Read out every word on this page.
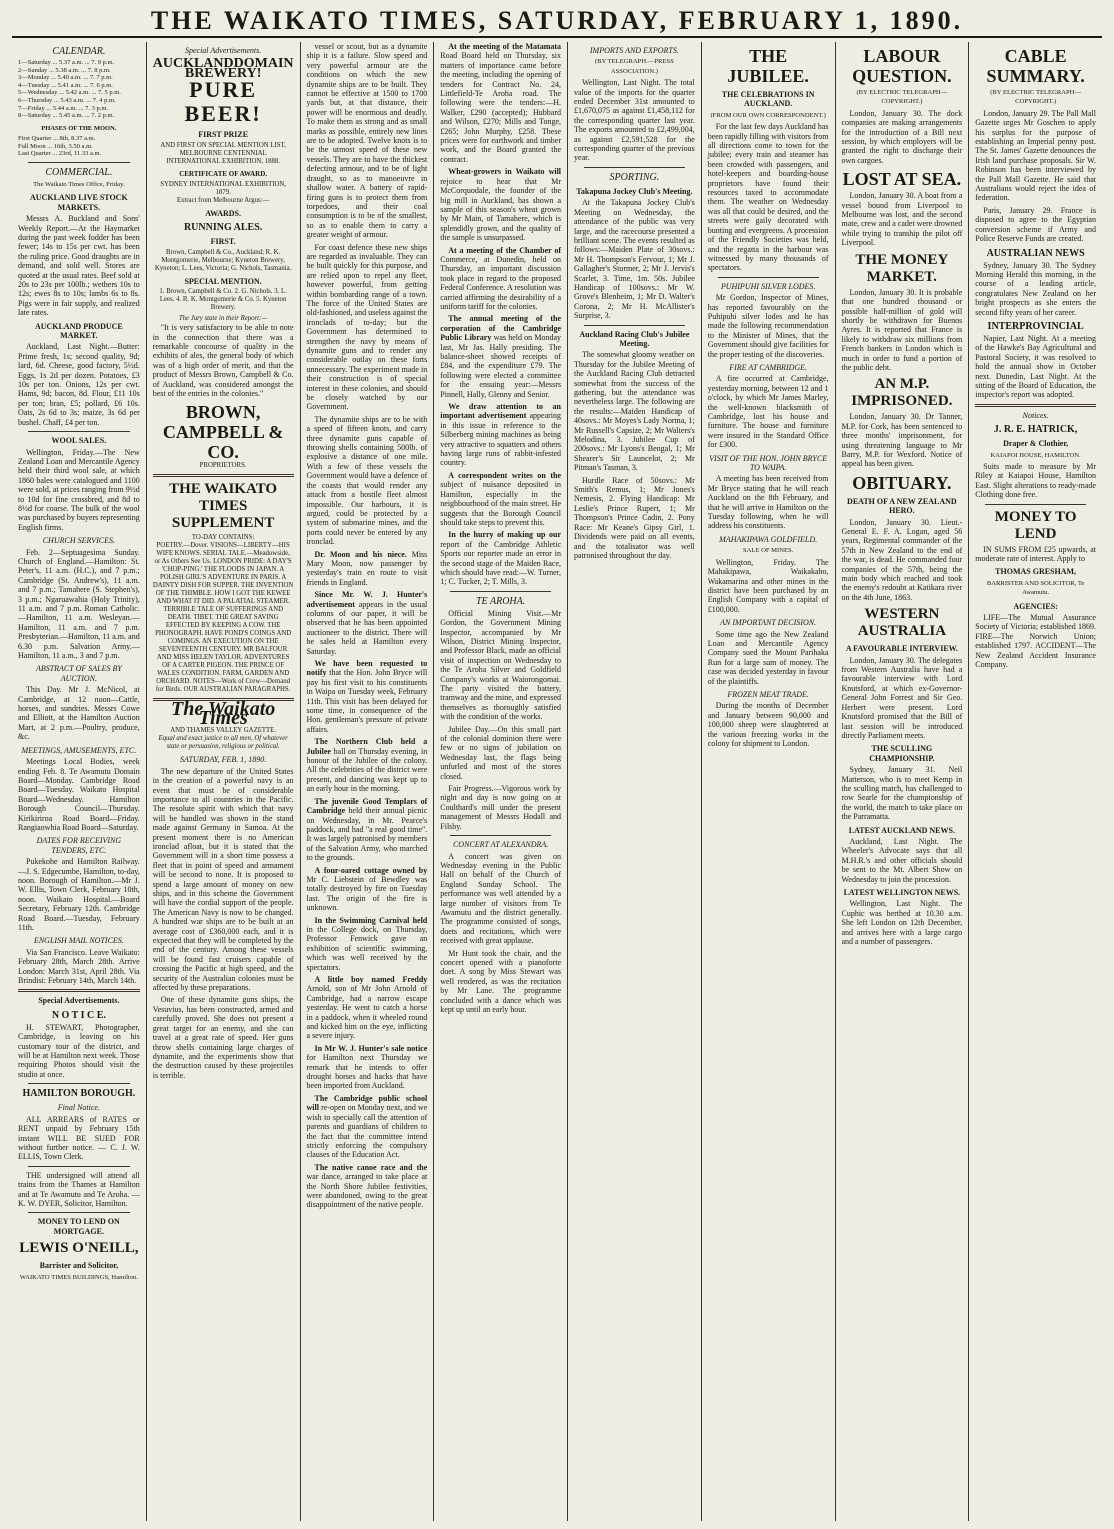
THE WAIKATO TIMES, SATURDAY, FEBRUARY 1, 1890.
CALENDAR.
1—Saturday ... 5.37 a.m. ... 7. 9 p.m.
2—Sunday ... 5.38 a.m. ... 7. 8 p.m.
3—Monday ... 5.40 a.m. ... 7. 7 p.m.
4—Tuesday ... 5.41 a.m. ... 7. 6 p.m.
5—Wednesday ... 5.42 a.m. ... 7. 5 p.m.
6—Thursday ... 5.43 a.m. ... 7. 4 p.m.
7—Friday ... 5.44 a.m. ... 7. 3 p.m.
8—Saturday ... 5.45 a.m. ... 7. 2 p.m.
PHASES OF THE MOON.
First Quarter ... 8th, 8.37 a.m.
Full Moon ... 16th, 3.50 a.m.
Last Quarter ... 23rd, 11.33 a.m.
COMMERCIAL.
The Waikato Times Office, Friday.
AUCKLAND LIVE STOCK MARKETS.

Messrs A. Buckland and Sons' Weekly Report.—At the Haymarket during the past week fodder has been fewer; 14s to 15s per cwt. has been the ruling price. Good draughts are in demand, and sold well. Stores are quoted at the usual rates. Beef sold at 20s to 23s per 100lb.; wethers 10s to 12s; ewes 8s to 10s; lambs 6s to 8s. Pigs were in fair supply, and realized late rates.

AUCKLAND PRODUCE MARKET.

Auckland, Last Night.—Butter: Prime fresh, 1s; second quality, 9d; lard, 6d. Cheese, good factory, 5½d. Eggs, 1s 2d per dozen. Potatoes, £3 10s per ton. Onions, 12s per cwt. Hams, 9d; bacon, 8d. Flour, £11 10s per ton; bran, £5; pollard, £6 10s. Oats, 2s 6d to 3s; maize, 3s 6d per bushel. Chaff, £4 per ton.

WOOL SALES.

Wellington, Friday.—The New Zealand Loan and Mercantile Agency held their third wool sale, at which 1860 bales were catalogued and 1100 were sold, at prices ranging from 9½d to 10d for fine crossbred, and 8d to 8½d for coarse. The bulk of the wool was purchased by buyers representing English firms.

CHURCH SERVICES.

Feb. 2—Septuagesima Sunday. Church of England.—Hamilton: St. Peter's, 11 a.m. (H.C.), and 7 p.m.; Cambridge (St. Andrew's), 11 a.m. and 7 p.m.; Tamahere (S. Stephen's), 3 p.m.; Ngaruawahia (Holy Trinity), 11 a.m. and 7 p.m. Roman Catholic.—Hamilton, 11 a.m. Wesleyan.—Hamilton, 11 a.m. and 7 p.m. Presbyterian.—Hamilton, 11 a.m. and 6.30 p.m. Salvation Army.—Hamilton, 11 a.m., 3 and 7 p.m.

ABSTRACT OF SALES BY AUCTION.

This Day. Mr J. McNicol, at Cambridge, at 12 noon—Cattle, horses, and sundries. Messrs Cowe and Elliott, at the Hamilton Auction Mart, at 2 p.m.—Poultry, produce, &c.

MEETINGS, AMUSEMENTS, ETC.

Meetings Local Bodies, week ending Feb. 8. Te Awamutu Domain Board—Monday. Cambridge Road Board—Tuesday. Waikato Hospital Board—Wednesday. Hamilton Borough Council—Thursday. Kirikiriroa Road Board—Friday. Rangiaowhia Road Board—Saturday.

DATES FOR RECEIVING TENDERS, ETC.

Pukekohe and Hamilton Railway.—J. S. Edgecumbe, Hamilton, to-day, noon. Borough of Hamilton.—Mr J. W. Ellis, Town Clerk, February 10th, noon. Waikato Hospital.—Board Secretary, February 12th. Cambridge Road Board.—Tuesday, February 11th.

ENGLISH MAIL NOTICES.

Via San Francisco. Leave Waikato: February 28th, March 28th. Arrive London: March 31st, April 28th. Via Brindisi: February 14th, March 14th.

Special Advertisements.
N O T I C E.

H. STEWART, Photographer, Cambridge, is leaving on his customary tour of the district, and will be at Hamilton next week. Those requiring Photos should visit the studio at once.

HAMILTON BOROUGH.
Final Notice.

ALL ARREARS of RATES or RENT unpaid by February 15th instant WILL BE SUED FOR without further notice. — C. J. W. ELLIS, Town Clerk.

THE undersigned will attend all trains from the Thames at Hamilton and at Te Awamutu and Te Aroha. — K. W. DYER, Solicitor, Hamilton.

MONEY TO LEND ON MORTGAGE.
LEWIS O'NEILL,
Barrister and Solicitor,
WAIKATO TIMES BUILDINGS, Hamilton.
Special Advertisements.
AUCKLAND DOMAIN
BREWERY!
PURE BEER!
FIRST PRIZE
AND FIRST ON SPECIAL MENTION LIST, MELBOURNE CENTENNIAL INTERNATIONAL EXHIBITION, 1888.
CERTIFICATE OF AWARD.
SYDNEY INTERNATIONAL EXHIBITION, 1879.
Extract from Melbourne Argus:—
AWARDS.
RUNNING ALES.
FIRST.
Brown, Campbell & Co., Auckland; R. K. Montgomerie, Melbourne; Kyneton Brewery, Kyneton; L. Lees, Victoria; G. Nichols, Tasmania.
SPECIAL MENTION.
1. Brown, Campbell & Co. 2. G. Nichols. 3. L. Lees. 4. R. K. Montgomerie & Co. 5. Kyneton Brewery.
The Jury state in their Report:—

"It is very satisfactory to be able to note in the connection that there was a remarkable concourse of quality in the exhibits of ales, the general body of which was of a high order of merit, and that the product of Messrs Brown, Campbell & Co. of Auckland, was considered amongst the best of the entries in the colonies."

BROWN, CAMPBELL & CO.
PROPRIETORS.
THE WAIKATO TIMES SUPPLEMENT
TO-DAY CONTAINS:
POETRY.—Dover. VISIONS—LIBERTY—HIS WIFE KNOWS. SERIAL TALE.—Meadowside, or As Others See Us. LONDON PRIDE: A DAY'S 'CHOP-PING.' THE FLOODS IN JAPAN. A POLISH GIRL'S ADVENTURE IN PARIS. A DAINTY DISH FOR SUPPER. THE INVENTION OF THE THIMBLE. HOW I GOT THE KEWEE AND WHAT IT DID. A PALATIAL STEAMER. TERRIBLE TALE OF SUFFERINGS AND DEATH. TIBET. THE GREAT SAVING EFFECTED BY KEEPING A COW. THE PHONOGRAPH. HAVE POND'S COINGS AND COMINGS. AN EXECUTION ON THE SEVENTEENTH CENTURY. MR BALFOUR AND MISS HELEN TAYLOR. ADVENTURES OF A CARTER PIGEON. THE PRINCE OF WALES CONDITION. FARM, GARDEN AND ORCHARD. NOTES—Work of Crew—Demand for Birds. OUR AUSTRALIAN PARAGRAPHS.
The Waikato Times
AND THAMES VALLEY GAZETTE.
Equal and exact justice to all men, Of whatever state or persuasion, religious or political.
SATURDAY, FEB. 1, 1890.

The new departure of the United States in the creation of a powerful navy is an event that must be of considerable importance to all countries in the Pacific. The resolute spirit with which that navy will be handled was shown in the stand made against Germany in Samoa. At the present moment there is no American ironclad afloat, but it is stated that the Government will in a short time possess a fleet that in point of speed and armament will be second to none. It is proposed to spend a large amount of money on new ships, and in this scheme the Government will have the cordial support of the people. The American Navy is now to be changed. A hundred war ships are to be built at an average cost of £360,000 each, and it is expected that they will be completed by the end of the century. Among these vessels will be found fast cruisers capable of crossing the Pacific at high speed, and the security of the Australian colonies must be affected by these preparations.

One of these dynamite guns ships, the Vesuvius, has been constructed, armed and carefully proved. She does not present a great target for an enemy, and she can travel at a great rate of speed. Her guns throw shells containing large charges of dynamite, and the experiments show that the destruction caused by these projectiles is terrible.

vessel or scout, but as a dynamite ship it is a failure. Slow speed and very powerful armour are the conditions on which the new dynamite ships are to be built. They cannot be effective at 1500 to 1700 yards but, at that distance, their power will be enormous and deadly. To make them as strong and as small marks as possible, entirely new lines are to be adopted. Twelve knots is to be the utmost speed of these new vessels. They are to have the thickest defecting armour, and to be of light draught, so as to manoeuvre in shallow water. A battery of rapid-firing guns is to protect them from torpedoes, and their coal consumption is to be of the smallest, so as to enable them to carry a greater weight of armour.

For coast defence these new ships are regarded as invaluable. They can be built quickly for this purpose, and are relied upon to repel any fleet, however powerful, from getting within bombarding range of a town. The force of the United States are old-fashioned, and useless against the ironclads of to-day; but the Government has determined to strengthen the navy by means of dynamite guns and to render any considerable outlay on these forts unnecessary. The experiment made in their construction is of special interest in these colonies, and should be closely watched by our Government.

The dynamite ships are to be with a speed of fifteen knots, and carry three dynamite guns capable of throwing shells containing 500lb. of explosive a distance of one mile. With a few of these vessels the Government would have a defence of the coasts that would render any attack from a hostile fleet almost impossible. Our harbours, it is argued, could be protected by a system of submarine mines, and the ports could never be entered by any ironclad.

Dr. Moon and his niece. Miss Mary Moon, now passenger by yesterday's train en route to visit friends in England.

Since Mr. W. J. Hunter's advertisement appears in the usual columns of our paper, it will be observed that he has been appointed auctioneer to the district. There will be sales held at Hamilton every Saturday.

We have been requested to notify that the Hon. John Bryce will pay his first visit to his constituents in Waipa on Tuesday week, February 11th. This visit has been delayed for some time, in consequence of the Hon. gentleman's pressure of private affairs.

The Northern Club held a Jubilee ball on Thursday evening, in honour of the Jubilee of the colony. All the celebrities of the district were present, and dancing was kept up to an early hour in the morning.

The juvenile Good Templars of Cambridge held their annual picnic on Wednesday, in Mr. Pearce's paddock, and had "a real good time". It was largely patronised by members of the Salvation Army, who marched to the grounds.

A four-oared cottage owned by Mr C. Liebstein of Bewdley was totally destroyed by fire on Tuesday last. The origin of the fire is unknown.

In the Swimming Carnival held in the College dock, on Thursday, Professor Fenwick gave an exhibition of scientific swimming, which was well received by the spectators.

A little boy named Freddy Arnold, son of Mr John Arnold of Cambridge, had a narrow escape yesterday. He went to catch a horse in a paddock, when it wheeled round and kicked him on the eye, inflicting a severe injury.

In Mr W. J. Hunter's sale notice for Hamilton next Thursday we remark that he intends to offer drought horses and hacks that have been imported from Auckland.

The Cambridge public school will re-open on Monday next, and we wish to specially call the attention of parents and guardians of children to the fact that the committee intend strictly enforcing the compulsory clauses of the Education Act.

The native canoe race and the war dance, arranged to take place at the North Shore Jubilee festivities, were abandoned, owing to the great disappointment of the native people.

At the meeting of the Matamata Road Board held on Thursday, six matters of importance came before the meeting, including the opening of tenders for Contract No. 24, Littlefield-Te Aroha road. The following were the tenders:—H. Walker, £290 (accepted); Hubbard and Wilson, £270; Mills and Tonge, £265; John Murphy, £258. These prices were for earthwork and timber work, and the Board granted the contract.

Wheat-growers in Waikato will rejoice to hear that Mr McCorquodale, the founder of the big mill in Auckland, has shown a sample of this season's wheat grown by Mr Main, of Tamahere, which is splendidly grown, and the quality of the sample is unsurpassed.

At a meeting of the Chamber of Commerce, at Dunedin, held on Thursday, an important discussion took place in regard to the proposed Federal Conference. A resolution was carried affirming the desirability of a uniform tariff for the colonies.

The annual meeting of the corporation of the Cambridge Public Library was held on Monday last, Mr Jas. Hally presiding. The balance-sheet showed receipts of £84, and the expenditure £79. The following were elected a committee for the ensuing year:—Messrs Pinnell, Hally, Glenny and Senior.

We draw attention to an important advertisement appearing in this issue in reference to the Silberberg mining machines as being very attractive to squatters and others having large runs of rabbit-infested country.

A correspondent writes on the subject of nuisance deposited in Hamilton, especially in the neighbourhood of the main street. He suggests that the Borough Council should take steps to prevent this.

In the hurry of making up our report of the Cambridge Athletic Sports our reporter made an error in the second stage of the Maiden Race, which should have read:—W. Turner, 1; C. Tucker, 2; T. Mills, 3.

TE AROHA.

Official Mining Visit.—Mr Gordon, the Government Mining Inspector, accompanied by Mr Wilson, District Mining Inspector, and Professor Black, made an official visit of inspection on Wednesday to the Te Aroha Silver and Goldfield Company's works at Waiorongomai. The party visited the battery, tramway and the mine, and expressed themselves as thoroughly satisfied with the condition of the works.

Jubilee Day.—On this small part of the colonial dominion there were few or no signs of jubilation on Wednesday last, the flags being unfurled and most of the stores closed.

Fair Progress.—Vigorous work by night and day is now going on at Coulthard's mill under the present management of Messrs Hodall and Filsby.

CONCERT AT ALEXANDRA.

A concert was given on Wednesday evening in the Public Hall on behalf of the Church of England Sunday School. The performance was well attended by a large number of visitors from Te Awamutu and the district generally. The programme consisted of songs, duets and recitations, which were received with great applause.

Mr Hunt took the chair, and the concert opened with a pianoforte duet. A song by Miss Stewart was well rendered, as was the recitation by Mr Lane. The programme concluded with a dance which was kept up until an early hour.

IMPORTS AND EXPORTS.
(BY TELEGRAPH.—PRESS ASSOCIATION.)

Wellington, Last Night. The total value of the imports for the quarter ended December 31st amounted to £1,670,075 as against £1,458,112 for the corresponding quarter last year. The exports amounted to £2,499,004, as against £2,591,528 for the corresponding quarter of the previous year.

SPORTING.
Takapuna Jockey Club's Meeting.

At the Takapuna Jockey Club's Meeting on Wednesday, the attendance of the public was very large, and the racecourse presented a brilliant scene. The events resulted as follows:—Maiden Plate of 30sovs.: Mr H. Thompson's Fervour, 1; Mr J. Gallagher's Stormer, 2; Mr J. Jervis's Scarlet, 3. Time, 1m. 50s. Jubilee Handicap of 100sovs.: Mr W. Grove's Blenheim, 1; Mr D. Walter's Corona, 2; Mr H. McAllister's Surprise, 3.

Auckland Racing Club's Jubilee Meeting.

The somewhat gloomy weather on Thursday for the Jubilee Meeting of the Auckland Racing Club detracted somewhat from the success of the gathering, but the attendance was nevertheless large. The following are the results:—Maiden Handicap of 40sovs.: Mr Moyes's Lady Norma, 1; Mr Russell's Capsize, 2; Mr Walters's Melodina, 3. Jubilee Cup of 200sovs.: Mr Lyons's Bengal, 1; Mr Shearer's Sir Launcelot, 2; Mr Pitman's Tasman, 3.

Hurdle Race of 50sovs.: Mr Smith's Remus, 1; Mr Jones's Nemesis, 2. Flying Handicap: Mr Leslie's Prince Rupert, 1; Mr Thompson's Prince Cadin, 2. Pony Race: Mr Keane's Gipsy Girl, 1. Dividends were paid on all events, and the totalisator was well patronised throughout the day.

THE JUBILEE.
THE CELEBRATIONS IN AUCKLAND.
(FROM OUR OWN CORRESPONDENT.)

For the last few days Auckland has been rapidly filling with visitors from all directions come to town for the jubilee; every train and steamer has been crowded with passengers, and hotel-keepers and boarding-house proprietors have found their resources taxed to accommodate them. The weather on Wednesday was all that could be desired, and the streets were gaily decorated with bunting and evergreens. A procession of the Friendly Societies was held, and the regatta in the harbour was witnessed by many thousands of spectators.

PUHIPUHI SILVER LODES.

Mr Gordon, Inspector of Mines, has reported favourably on the Puhipuhi silver lodes and he has made the following recommendation to the Minister of Mines, that the Government should give facilities for the proper testing of the discoveries.

FIRE AT CAMBRIDGE.

A fire occurred at Cambridge, yesterday morning, between 12 and 1 o'clock, by which Mr James Marley, the well-known blacksmith of Cambridge, lost his house and furniture. The house and furniture were insured in the Standard Office for £300.

VISIT OF THE HON. JOHN BRYCE TO WAIPA.

A meeting has been received from Mr Bryce stating that he will reach Auckland on the 8th February, and that he will arrive in Hamilton on the Tuesday following, when he will address his constituents.

MAHAKIPAWA GOLDFIELD.
SALE OF MINES.

Wellington, Friday. The Mahakipawa, Waikakaho, Wakamarina and other mines in the district have been purchased by an English Company with a capital of £100,000.

AN IMPORTANT DECISION.

Some time ago the New Zealand Loan and Mercantile Agency Company sued the Mount Parihaka Run for a large sum of money. The case was decided yesterday in favour of the plaintiffs.

FROZEN MEAT TRADE.

During the months of December and January between 90,000 and 100,000 sheep were slaughtered at the various freezing works in the colony for shipment to London.

LABOUR QUESTION.
(BY ELECTRIC TELEGRAPH—COPYRIGHT.)

London, January 30. The dock companies are making arrangements for the introduction of a Bill next session, by which employers will be granted the right to discharge their own cargoes.

LOST AT SEA.

London, January 30. A boat from a vessel bound from Liverpool to Melbourne was lost, and the second mate, crew and a cadet were drowned while trying to tranship the pilot off Liverpool.

THE MONEY MARKET.

London, January 30. It is probable that one hundred thousand or possible half-million of gold will shortly be withdrawn for Buenos Ayres. It is reported that France is likely to withdraw six millions from French bankers in London which is much in order to fund a portion of the public debt.

AN M.P. IMPRISONED.

London, January 30. Dr Tanner, M.P. for Cork, has been sentenced to three months' imprisonment, for using threatening language to Mr Barry, M.P. for Wexford. Notice of appeal has been given.

OBITUARY.
DEATH OF A NEW ZEALAND HERO.

London, January 30. Lieut.-General E. F. A. Logan, aged 56 years, Regimental commander of the 57th in New Zealand to the end of the war, is dead. He commanded four companies of the 57th, being the main body which reached and took the enemy's redoubt at Katikara river on the 4th June, 1863.

WESTERN AUSTRALIA
A FAVOURABLE INTERVIEW.

London, January 30. The delegates from Western Australia have had a favourable interview with Lord Knutsford, at which ex-Governor-General John Forrest and Sir Geo. Herbert were present. Lord Knutsford promised that the Bill of last session will be introduced directly Parliament meets.

THE SCULLING CHAMPIONSHIP.

Sydney, January 31. Neil Matterson, who is to meet Kemp in the sculling match, has challenged to row Searle for the championship of the world, the match to take place on the Parramatta.

LATEST AUCKLAND NEWS.

Auckland, Last Night. The Wheeler's Advocate says that all M.H.R.'s and other officials should be sent to the Mt. Albert Show on Wednesday to join the procession.

LATEST WELLINGTON NEWS.

Wellington, Last Night. The Cuphic was berthed at 10.30 a.m. She left London on 12th December, and arrives here with a large cargo and a number of passengers.

CABLE SUMMARY.
(BY ELECTRIC TELEGRAPH—COPYRIGHT.)

London, January 29. The Pall Mall Gazette urges Mr Goschen to apply his surplus for the purpose of establishing an Imperial penny post. The St. James' Gazette denounces the Irish land purchase proposals. Sir W. Robinson has been interviewed by the Pall Mall Gazette. He said that Australians would reject the idea of federation.

Paris, January 29. France is disposed to agree to the Egyptian conversion scheme if Army and Police Reserve Funds are created.

AUSTRALIAN NEWS

Sydney, January 30. The Sydney Morning Herald this morning, in the course of a leading article, congratulates New Zealand on her bright prospects as she enters the second fifty years of her career.

INTERPROVINCIAL

Napier, Last Night. At a meeting of the Hawke's Bay Agricultural and Pastoral Society, it was resolved to hold the annual show in October next. Dunedin, Last Night. At the sitting of the Board of Education, the inspector's report was adopted.

Notices.
J. R. E. HATRICK,
Draper & Clothier,
KAIAPOI HOUSE, HAMILTON.

Suits made to measure by Mr Riley at Kaiapoi House, Hamilton East. Slight alterations to ready-made Clothing done free.

MONEY TO LEND

IN SUMS FROM £25 upwards, at moderate rate of interest. Apply to

THOMAS GRESHAM,
BARRISTER AND SOLICITOR, Te Awamutu.
AGENCIES:

LIFE—The Mutual Assurance Society of Victoria; established 1869. FIRE—The Norwich Union; established 1797. ACCIDENT—The New Zealand Accident Insurance Company.
